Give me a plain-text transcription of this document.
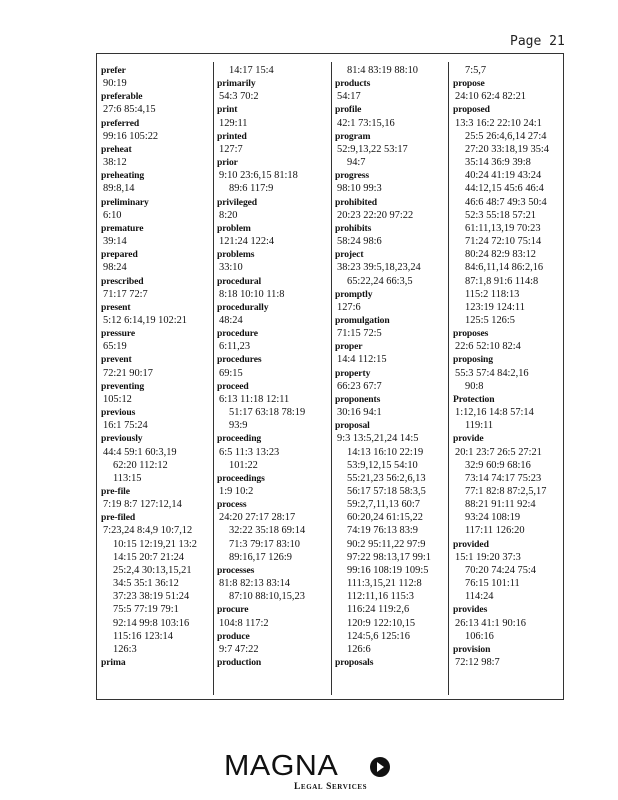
Page 21
prefer
90:19
preferable
27:6 85:4,15
preferred
99:16 105:22
preheat
38:12
preheating
89:8,14
preliminary
6:10
premature
39:14
prepared
98:24
prescribed
71:17 72:7
present
5:12 6:14,19 102:21
pressure
65:19
prevent
72:21 90:17
preventing
105:12
previous
16:1 75:24
previously
44:4 59:1 60:3,19
62:20 112:12
113:15
pre-file
7:19 8:7 127:12,14
pre-filed
7:23,24 8:4,9 10:7,12
10:15 12:19,21 13:2
14:15 20:7 21:24
25:2,4 30:13,15,21
34:5 35:1 36:12
37:23 38:19 51:24
75:5 77:19 79:1
92:14 99:8 103:16
115:16 123:14
126:3
prima
14:17 15:4
primarily
54:3 70:2
print
129:11
printed
127:7
prior
9:10 23:6,15 81:18
89:6 117:9
privileged
8:20
problem
121:24 122:4
problems
33:10
procedural
8:18 10:10 11:8
procedurally
48:24
procedure
6:11,23
procedures
69:15
proceed
6:13 11:18 12:11
51:17 63:18 78:19
93:9
proceeding
6:5 11:3 13:23
101:22
proceedings
1:9 10:2
process
24:20 27:17 28:17
32:22 35:18 69:14
71:3 79:17 83:10
89:16,17 126:9
processes
81:8 82:13 83:14
87:10 88:10,15,23
procure
104:8 117:2
produce
9:7 47:22
production
81:4 83:19 88:10
products
54:17
profile
42:1 73:15,16
program
52:9,13,22 53:17
94:7
progress
98:10 99:3
prohibited
20:23 22:20 97:22
prohibits
58:24 98:6
project
38:23 39:5,18,23,24
65:22,24 66:3,5
promptly
127:6
promulgation
71:15 72:5
proper
14:4 112:15
property
66:23 67:7
proponents
30:16 94:1
proposal
9:3 13:5,21,24 14:5
14:13 16:10 22:19
53:9,12,15 54:10
55:21,23 56:2,6,13
56:17 57:18 58:3,5
59:2,7,11,13 60:7
60:20,24 61:15,22
74:19 76:13 83:9
90:2 95:11,22 97:9
97:22 98:13,17 99:1
99:16 108:19 109:5
111:3,15,21 112:8
112:11,16 115:3
116:24 119:2,6
120:9 122:10,15
124:5,6 125:16
126:6
proposals
7:5,7
propose
24:10 62:4 82:21
proposed
13:3 16:2 22:10 24:1
25:5 26:4,6,14 27:4
27:20 33:18,19 35:4
35:14 36:9 39:8
40:24 41:19 43:24
44:12,15 45:6 46:4
46:6 48:7 49:3 50:4
52:3 55:18 57:21
61:11,13,19 70:23
71:24 72:10 75:14
80:24 82:9 83:12
84:6,11,14 86:2,16
87:1,8 91:6 114:8
115:2 118:13
123:19 124:11
125:5 126:5
proposes
22:6 52:10 82:4
proposing
55:3 57:4 84:2,16
90:8
Protection
1:12,16 14:8 57:14
119:11
provide
20:1 23:7 26:5 27:21
32:9 60:9 68:16
73:14 74:17 75:23
77:1 82:8 87:2,5,17
88:21 91:11 92:4
93:24 108:19
117:11 126:20
provided
15:1 19:20 37:3
70:20 74:24 75:4
76:15 101:11
114:24
provides
26:13 41:1 90:16
106:16
provision
72:12 98:7
MAGNA
Legal Services
